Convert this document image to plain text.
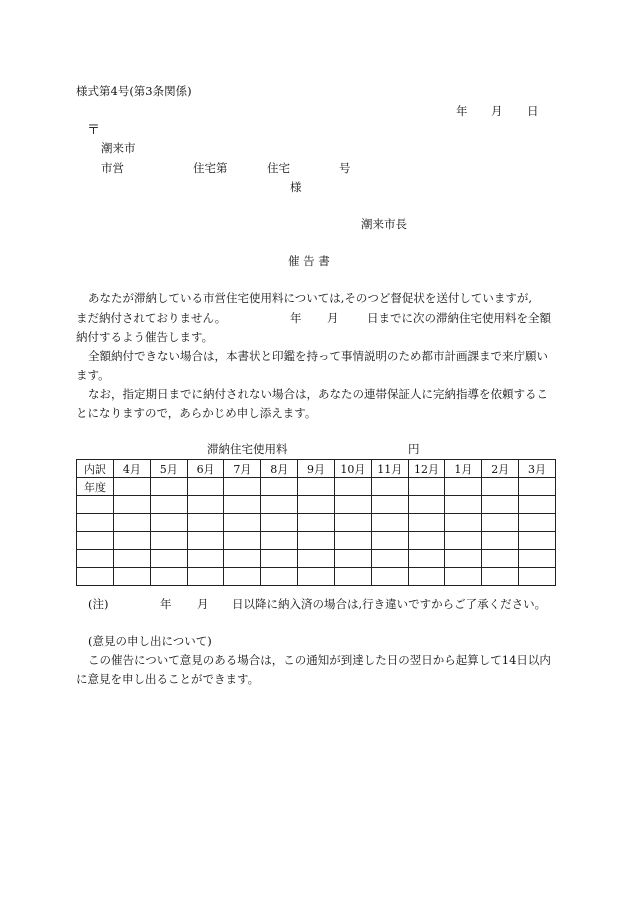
様式第4号(第3条関係)
年 月 日
〒
潮来市
市営	住宅第	住宅	号
様
潮来市長
催 告 書
あなたが滞納している市営住宅使用料については,そのつど督促状を送付していますが,
まだ納付されておりません。	年 月 日までに次の滞納住宅使用料を全額
納付するよう催告します。
全額納付できない場合は，本書状と印鑑を持って事情説明のため都市計画課まで来庁願います。
なお，指定期日までに納付されない場合は，あなたの連帯保証人に完納指導を依頼することになりますので，あらかじめ申し添えます。
滞納住宅使用料	円
内訳	4月	5月	6月	7月	8月	9月	10月	11月	12月	1月	2月	3月
年度												

(注)	年 月 日以降に納入済の場合は,行き違いですからご了承ください。
(意見の申し出について)
この催告について意見のある場合は，この通知が到達した日の翌日から起算して14日以内に意見を申し出ることができます。
